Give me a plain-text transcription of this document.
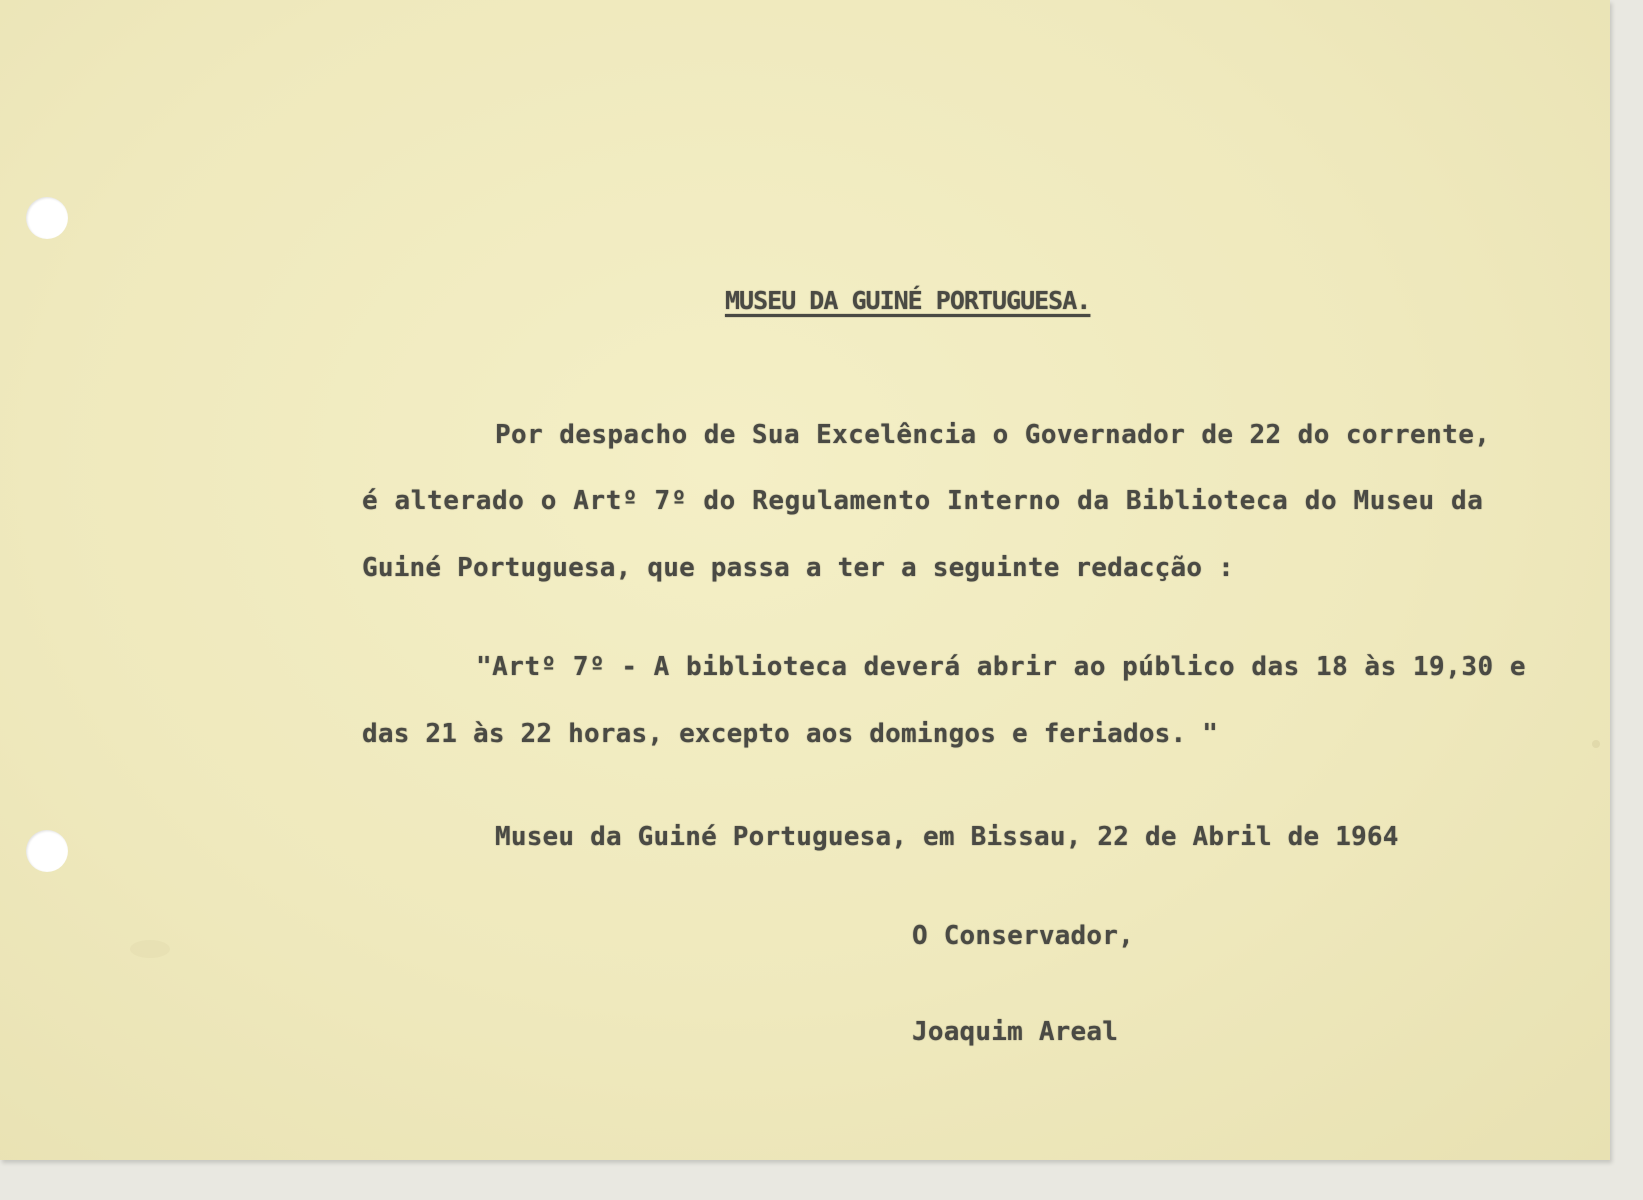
MUSEU DA GUINÉ PORTUGUESA.
Por despacho de Sua Excelência o Governador de 22 do corrente,
é alterado o Artº 7º do Regulamento Interno da Biblioteca do Museu da
Guiné Portuguesa, que passa a ter a seguinte redacção :
"Artº 7º - A biblioteca deverá abrir ao público das 18 às 19,30 e
das 21 às 22 horas, excepto aos domingos e feriados. "
Museu da Guiné Portuguesa, em Bissau, 22 de Abril de 1964
O Conservador,
Joaquim Areal
